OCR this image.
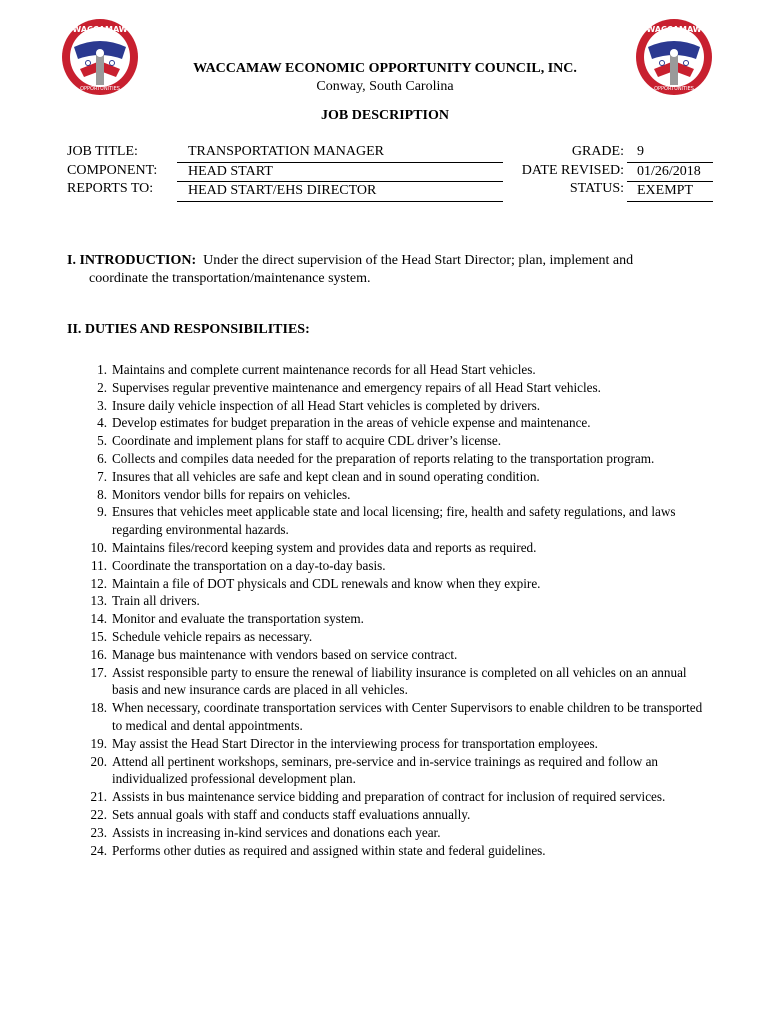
WACCAMAW
OPPORTUNITIES
WACCAMAW
OPPORTUNITIES
WACCAMAW ECONOMIC OPPORTUNITY COUNCIL, INC.
Conway, South Carolina
JOB DESCRIPTION
JOB TITLE:
COMPONENT:
REPORTS TO:
TRANSPORTATION MANAGER
HEAD START
HEAD START/EHS DIRECTOR
GRADE:
DATE REVISED:
STATUS:
9
01/26/2018
EXEMPT
I. INTRODUCTION: Under the direct supervision of the Head Start Director; plan, implement and
coordinate the transportation/maintenance system.
II. DUTIES AND RESPONSIBILITIES:
1. Maintains and complete current maintenance records for all Head Start vehicles.
2. Supervises regular preventive maintenance and emergency repairs of all Head Start vehicles.
3. Insure daily vehicle inspection of all Head Start vehicles is completed by drivers.
4. Develop estimates for budget preparation in the areas of vehicle expense and maintenance.
5. Coordinate and implement plans for staff to acquire CDL driver’s license.
6. Collects and compiles data needed for the preparation of reports relating to the transportation program.
7. Insures that all vehicles are safe and kept clean and in sound operating condition.
8. Monitors vendor bills for repairs on vehicles.
9. Ensures that vehicles meet applicable state and local licensing; fire, health and safety regulations, and laws regarding environmental hazards.
10. Maintains files/record keeping system and provides data and reports as required.
11. Coordinate the transportation on a day-to-day basis.
12. Maintain a file of DOT physicals and CDL renewals and know when they expire.
13. Train all drivers.
14. Monitor and evaluate the transportation system.
15. Schedule vehicle repairs as necessary.
16. Manage bus maintenance with vendors based on service contract.
17. Assist responsible party to ensure the renewal of liability insurance is completed on all vehicles on an annual basis and new insurance cards are placed in all vehicles.
18. When necessary, coordinate transportation services with Center Supervisors to enable children to be transported to medical and dental appointments.
19. May assist the Head Start Director in the interviewing process for transportation employees.
20. Attend all pertinent workshops, seminars, pre-service and in-service trainings as required and follow an individualized professional development plan.
21. Assists in bus maintenance service bidding and preparation of contract for inclusion of required services.
22. Sets annual goals with staff and conducts staff evaluations annually.
23. Assists in increasing in-kind services and donations each year.
24. Performs other duties as required and assigned within state and federal guidelines.
